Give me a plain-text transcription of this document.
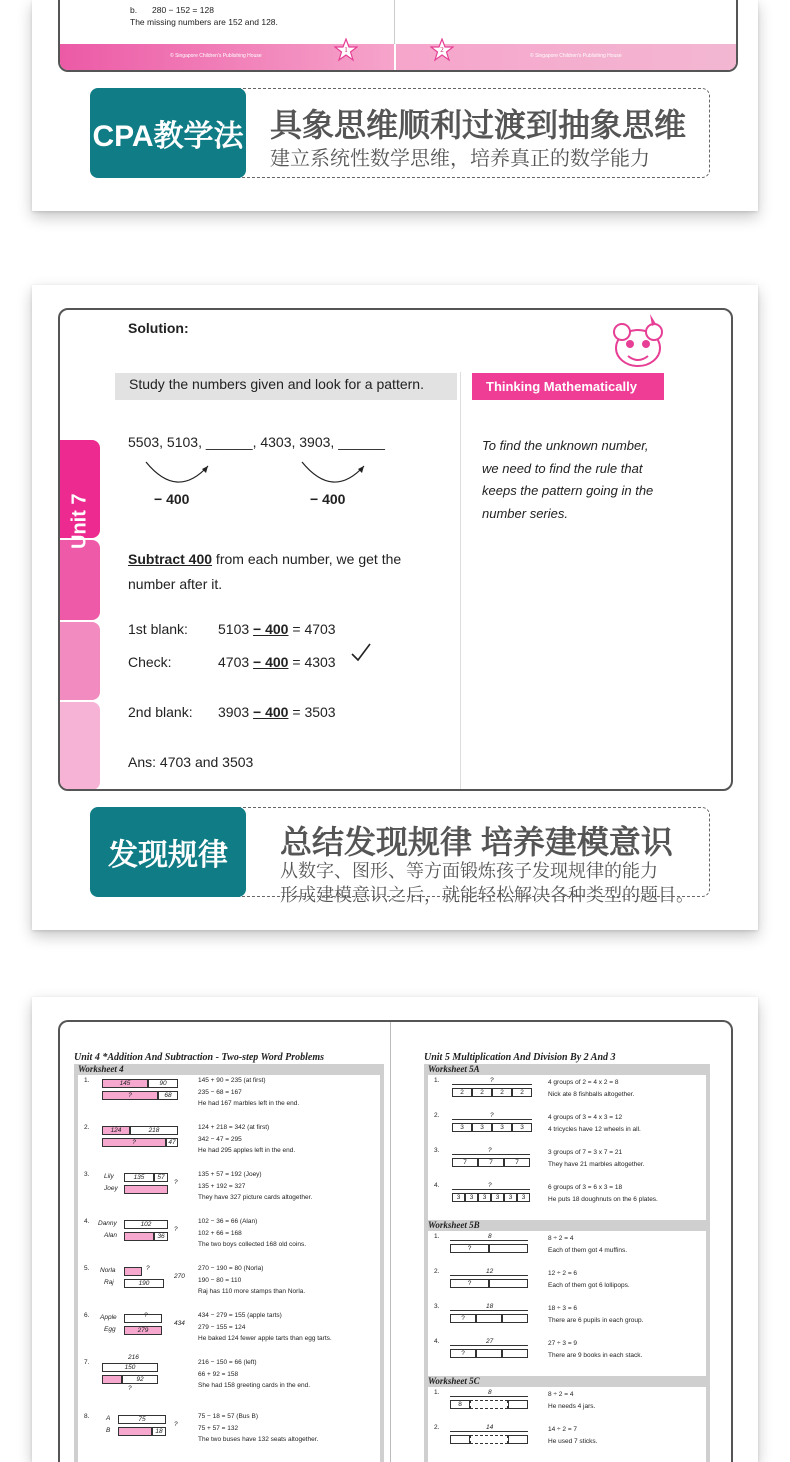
b. 280 − 152 = 128
The missing numbers are 152 and 128.
© Singapore Children's Publishing House	© Singapore Children's Publishing House
1	2
CPA教学法 具象思维顺利过渡到抽象思维
建立系统性数学思维，培养真正的数学能力
Unit 7
Solution:
Study the numbers given and look for a pattern.	Thinking Mathematically
To find the unknown number,
we need to find the rule that
keeps the pattern going in the
number series.
5503, 5103, ______, 4303, 3903, ______
− 400	− 400
Subtract 400 from each number, we get the
number after it.
1st blank: 5103 − 400 = 4703
Check:	4703 − 400 = 4303
2nd blank: 3903 − 400 = 3503
Ans: 4703 and 3503
发现规律	总结发现规律 培养建模意识
从数字、图形、等方面锻炼孩子发现规律的能力
形成建模意识之后，就能轻松解决各种类型的题目。
Unit 4 *Addition And Subtraction - Two-step Word Problems
Worksheet 4
1.	145	90
?	68
145 + 90 = 235 (at first)
235 − 68 = 167
He had 167 marbles left in the end.
2.	124	218
?	47
124 + 218 = 342 (at first)
342 − 47 = 295
He had 295 apples left in the end.
3. Lily
Joey
135	57
?
135 + 57 = 192 (Joey)
135 + 192 = 327
They have 327 picture cards altogether.
4. Danny
Alan
102
36
?
102 − 36 = 66 (Alan)
102 + 66 = 168
The two boys collected 168 old coins.
5. Norla
Raj
?
190
270
270 − 190 = 80 (Norla)
190 − 80 = 110
Raj has 110 more stamps than Norla.
6. Apple
Egg
?
279
434
434 − 279 = 155 (apple tarts)
279 − 155 = 124
He baked 124 fewer apple tarts than egg tarts.
7.
216
150
92
?
216 − 150 = 66 (left)
66 + 92 = 158
She had 158 greeting cards in the end.
8.	A
B
75
18
?
75 − 18 = 57 (Bus B)
75 + 57 = 132
The two buses have 132 seats altogether.
Unit 5 Multiplication And Division By 2 And 3
Worksheet 5A
1.	?
2	2	2	2
4 groups of 2 = 4 x 2 = 8
Nick ate 8 fishballs altogether.
2.	?
3	3	3	3
4 groups of 3 = 4 x 3 = 12
4 tricycles have 12 wheels in all.
3.	?
7	7	7
3 groups of 7 = 3 x 7 = 21
They have 21 marbles altogether.
4.	?
3	3	3	3	3	3
6 groups of 3 = 6 x 3 = 18
He puts 18 doughnuts on the 6 plates.
Worksheet 5B
1.	8
?
8 ÷ 2 = 4
Each of them got 4 muffins.
2.	12
?
12 ÷ 2 = 6
Each of them got 6 lollipops.
3.	18
?
18 ÷ 3 = 6
There are 6 pupils in each group.
4.	27
?
27 ÷ 3 = 9
There are 9 books in each stack.
Worksheet 5C
1.	8
8
8 ÷ 2 = 4
He needs 4 jars.
2.	14	14 ÷ 2 = 7
He used 7 sticks.
